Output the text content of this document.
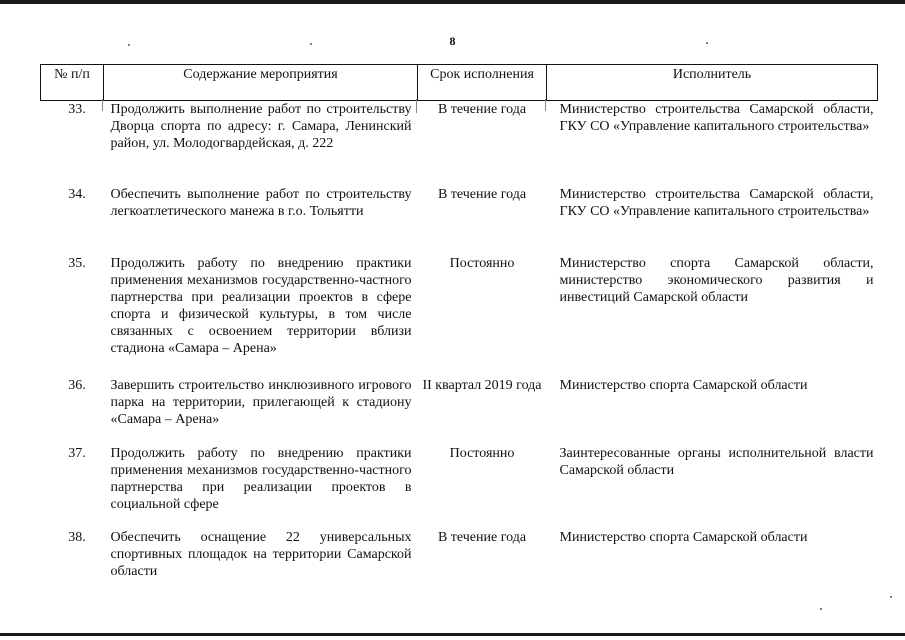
8
№ п/п	Содержание мероприятия	Срок исполнения	Исполнитель
33.	Продолжить выполнение работ по строительству Дворца спорта по адресу: г. Самара, Ленинский район, ул. Молодогвардейская, д. 222	В течение года	Министерство строительства Самарской области, ГКУ СО «Управление капитального строительства»
34.	Обеспечить выполнение работ по строительству легкоатлетического манежа в г.о. Тольятти	В течение года	Министерство строительства Самарской области, ГКУ СО «Управление капитального строительства»
35.	Продолжить работу по внедрению практики применения механизмов государственно-частного партнерства при реализации проектов в сфере спорта и физической культуры, в том числе связанных с освоением территории вблизи стадиона «Самара – Арена»	Постоянно	Министерство спорта Самарской области, министерство экономического развития и инвестиций Самарской области
36.	Завершить строительство инклюзивного игрового парка на территории, прилегающей к стадиону «Самара – Арена»	II квартал 2019 года	Министерство спорта Самарской области
37.	Продолжить работу по внедрению практики применения механизмов государственно-частного партнерства при реализации проектов в социальной сфере	Постоянно	Заинтересованные органы исполнительной власти Самарской области
38.	Обеспечить оснащение 22 универсальных спортивных площадок на территории Самарской области	В течение года	Министерство спорта Самарской области
